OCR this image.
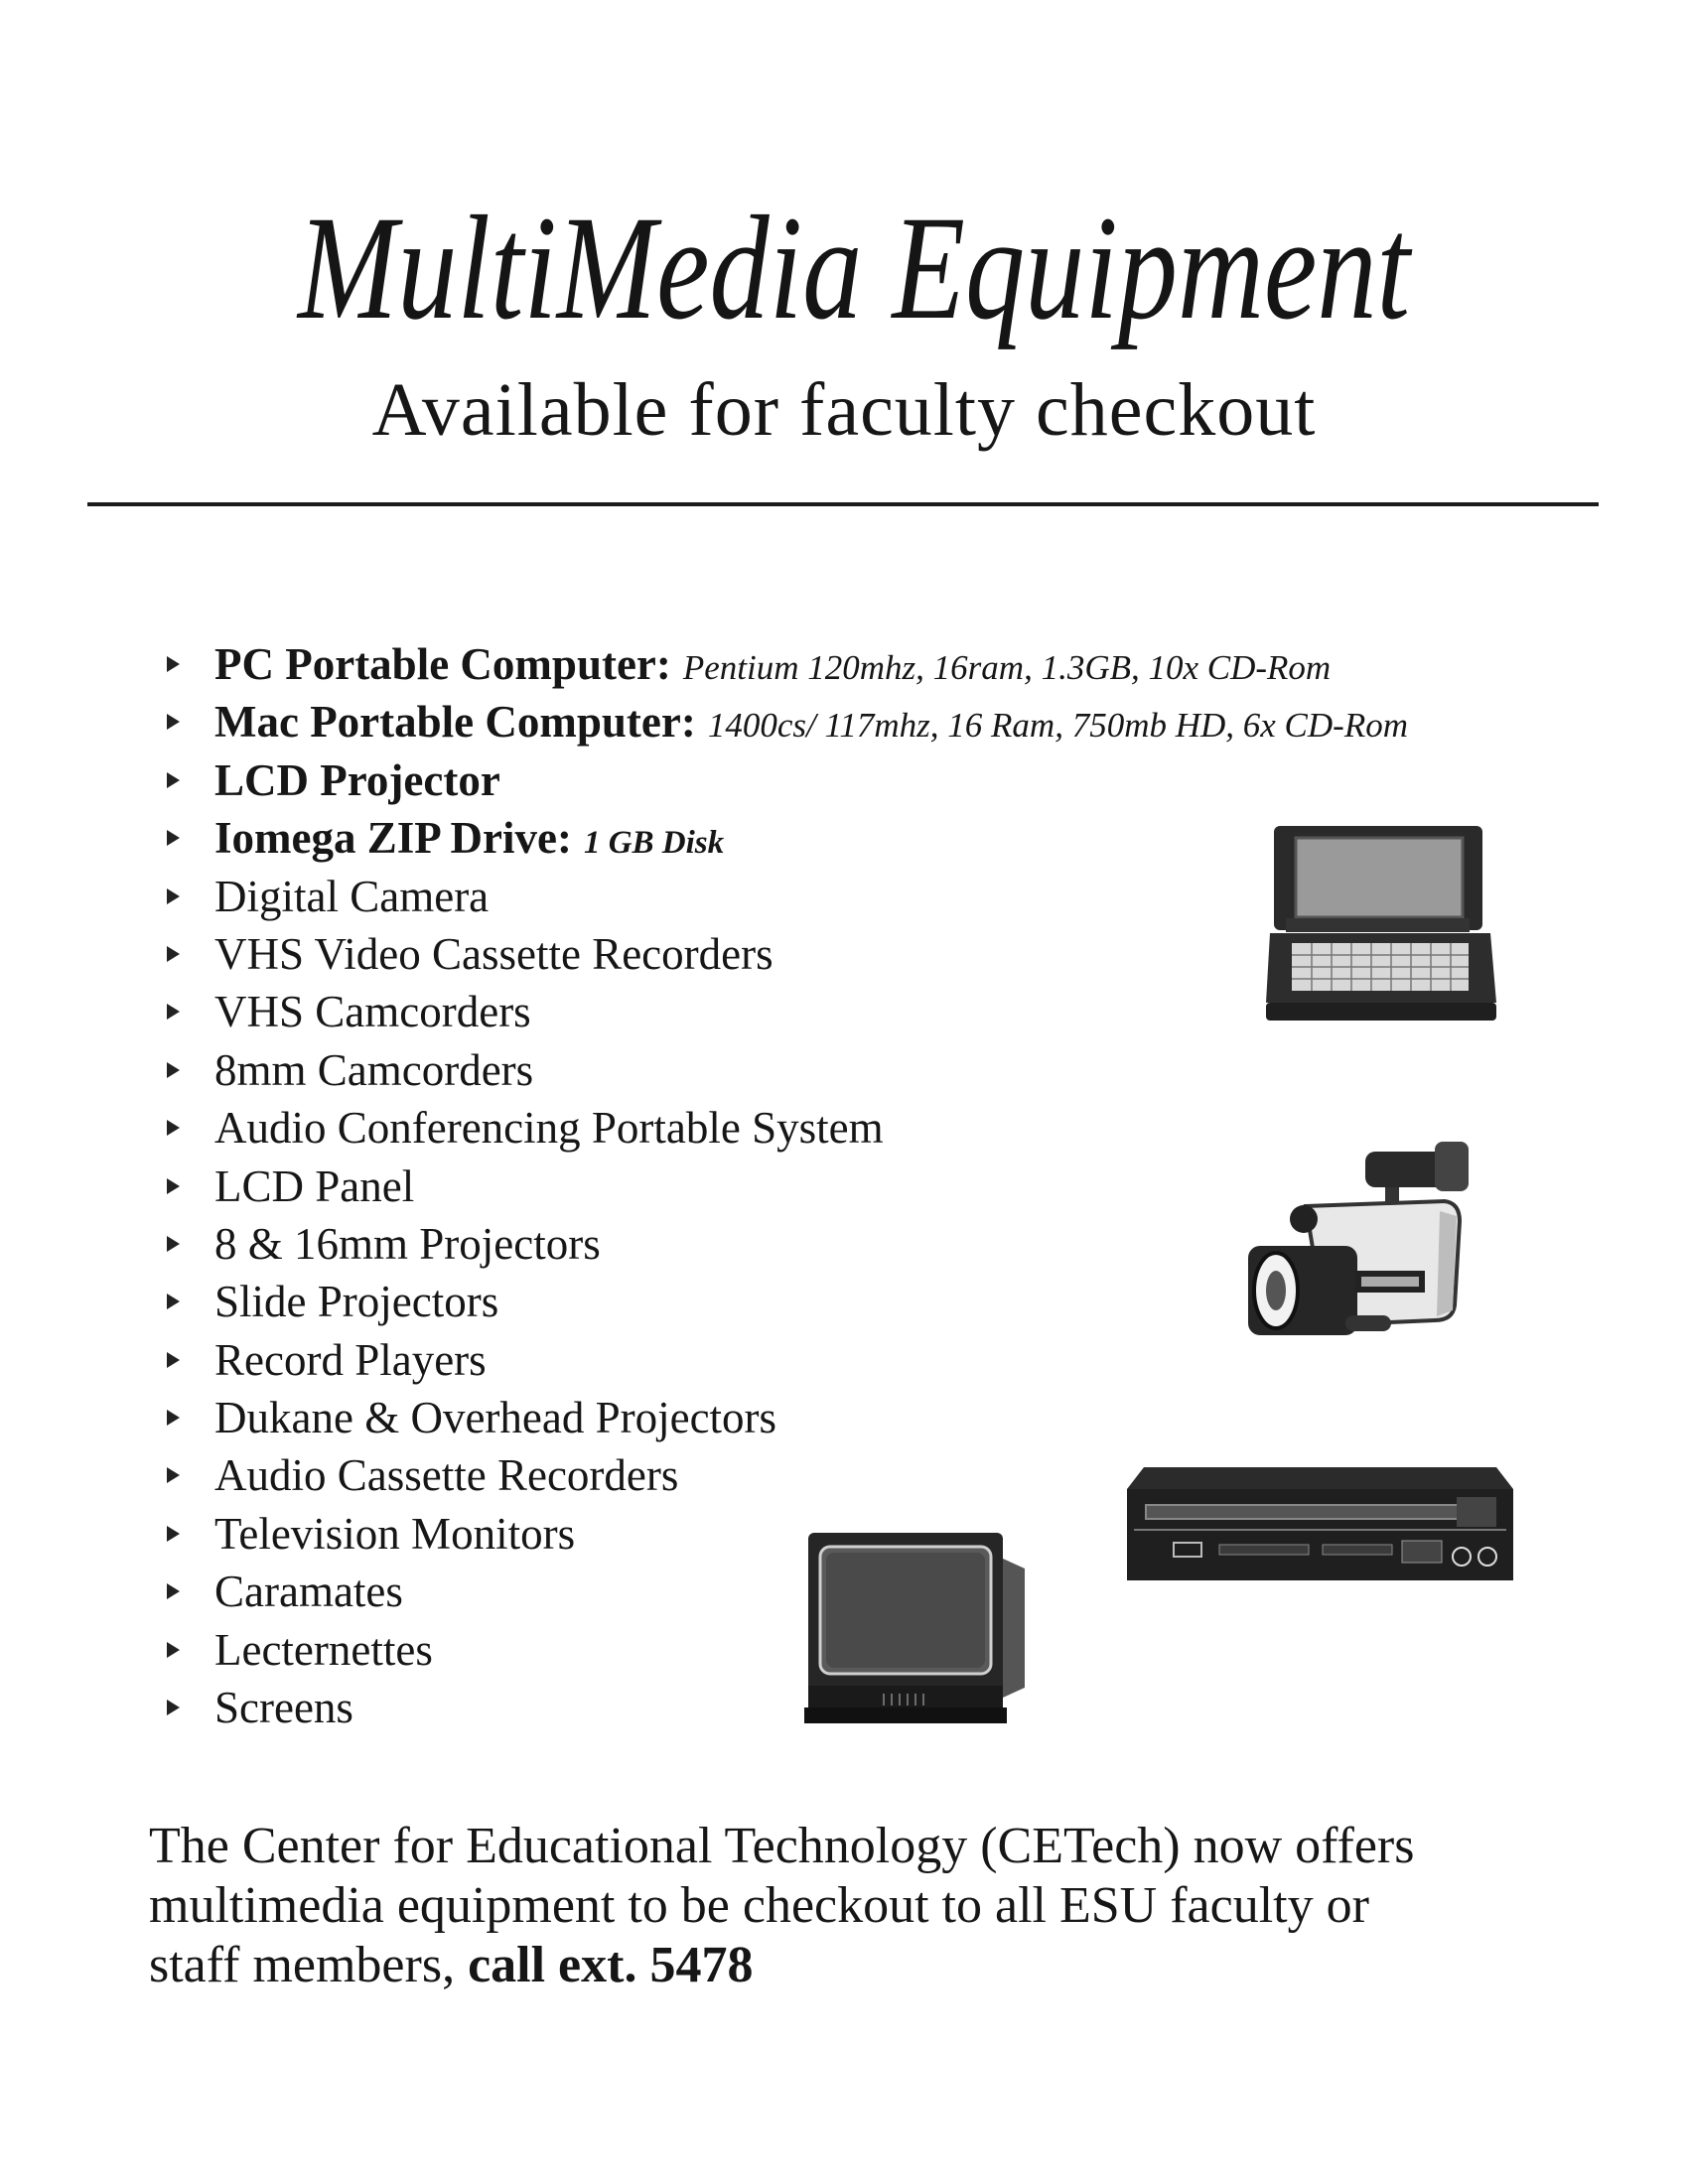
MultiMedia Equipment
Available for faculty checkout
PC Portable Computer: Pentium 120mhz, 16ram, 1.3GB, 10x CD-Rom
Mac Portable Computer: 1400cs/ 117mhz, 16 Ram, 750mb HD, 6x CD-Rom
LCD Projector
Iomega ZIP Drive: 1 GB Disk
Digital Camera
VHS Video Cassette Recorders
VHS Camcorders
8mm Camcorders
Audio Conferencing Portable System
LCD Panel
8 & 16mm Projectors
Slide Projectors
Record Players
Dukane & Overhead Projectors
Audio Cassette Recorders
Television Monitors
Caramates
Lecternettes
Screens

The Center for Educational Technology (CETech) now offers
multimedia equipment to be checkout to all ESU faculty or
staff members, call ext. 5478
